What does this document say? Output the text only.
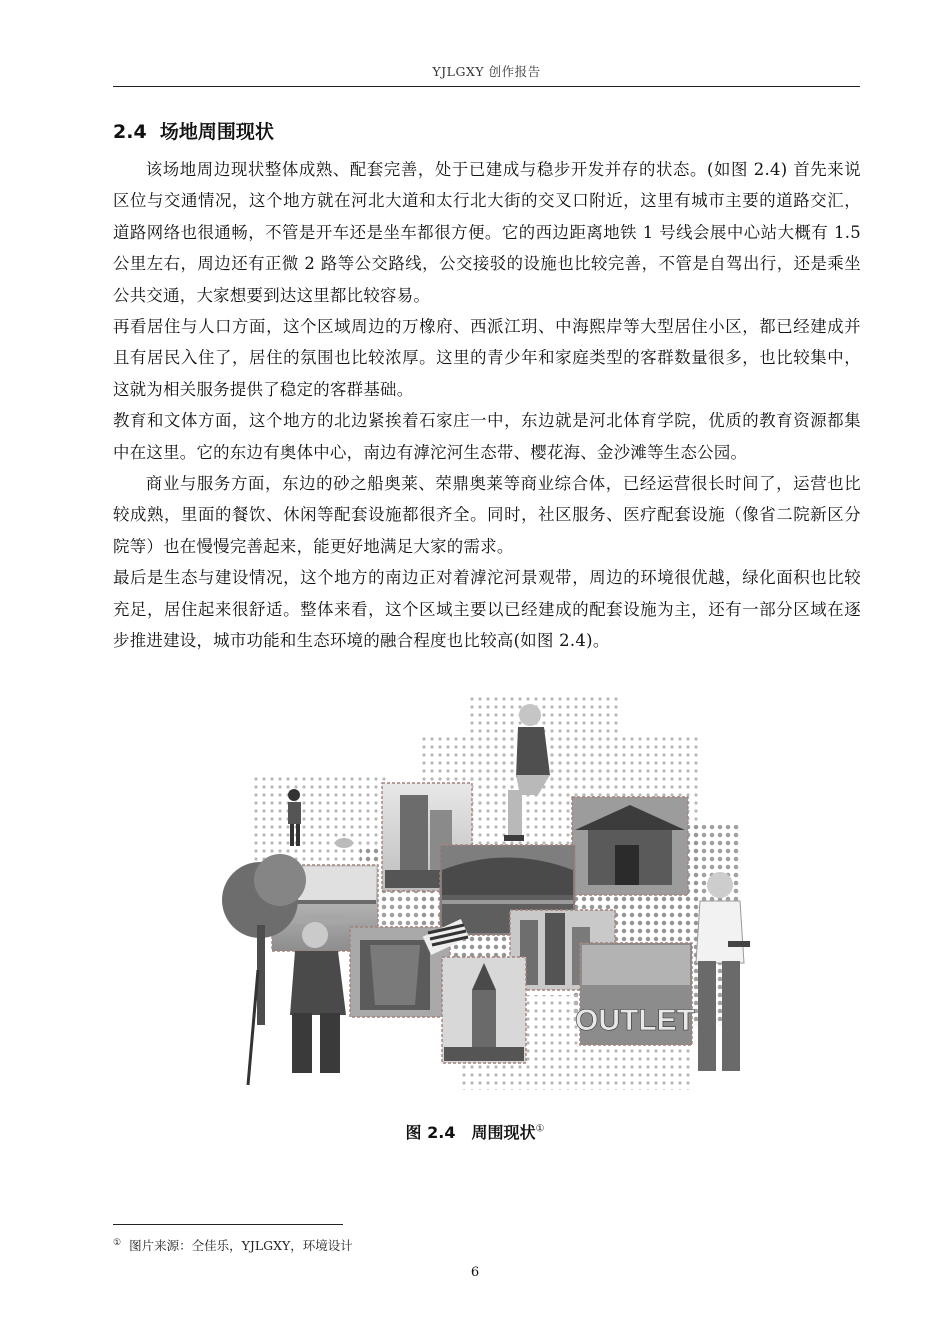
YJLGXY 创作报告
2.4 场地周围现状

该场地周边现状整体成熟、配套完善，处于已建成与稳步开发并存的状态。(如图 2.4) 首先来说区位与交通情况，这个地方就在河北大道和太行北大街的交叉口附近，这里有城市主要的道路交汇，道路网络也很通畅，不管是开车还是坐车都很方便。它的西边距离地铁 1 号线会展中心站大概有 1.5 公里左右，周边还有正微 2 路等公交路线，公交接驳的设施也比较完善，不管是自驾出行，还是乘坐公共交通，大家想要到达这里都比较容易。

再看居住与人口方面，这个区域周边的万橡府、西派江玥、中海熙岸等大型居住小区，都已经建成并且有居民入住了，居住的氛围也比较浓厚。这里的青少年和家庭类型的客群数量很多，也比较集中，这就为相关服务提供了稳定的客群基础。

教育和文体方面，这个地方的北边紧挨着石家庄一中，东边就是河北体育学院，优质的教育资源都集中在这里。它的东边有奥体中心，南边有滹沱河生态带、樱花海、金沙滩等生态公园。

商业与服务方面，东边的砂之船奥莱、荣鼎奥莱等商业综合体，已经运营很长时间了，运营也比较成熟，里面的餐饮、休闲等配套设施都很齐全。同时，社区服务、医疗配套设施（像省二院新区分院等）也在慢慢完善起来，能更好地满足大家的需求。

最后是生态与建设情况，这个地方的南边正对着滹沱河景观带，周边的环境很优越，绿化面积也比较充足，居住起来很舒适。整体来看，这个区域主要以已经建成的配套设施为主，还有一部分区域在逐步推进建设，城市功能和生态环境的融合程度也比较高(如图 2.4)。

OUTLET
图 2.4 周围现状①
① 图片来源：仝佳乐，YJLGXY，环境设计
6
